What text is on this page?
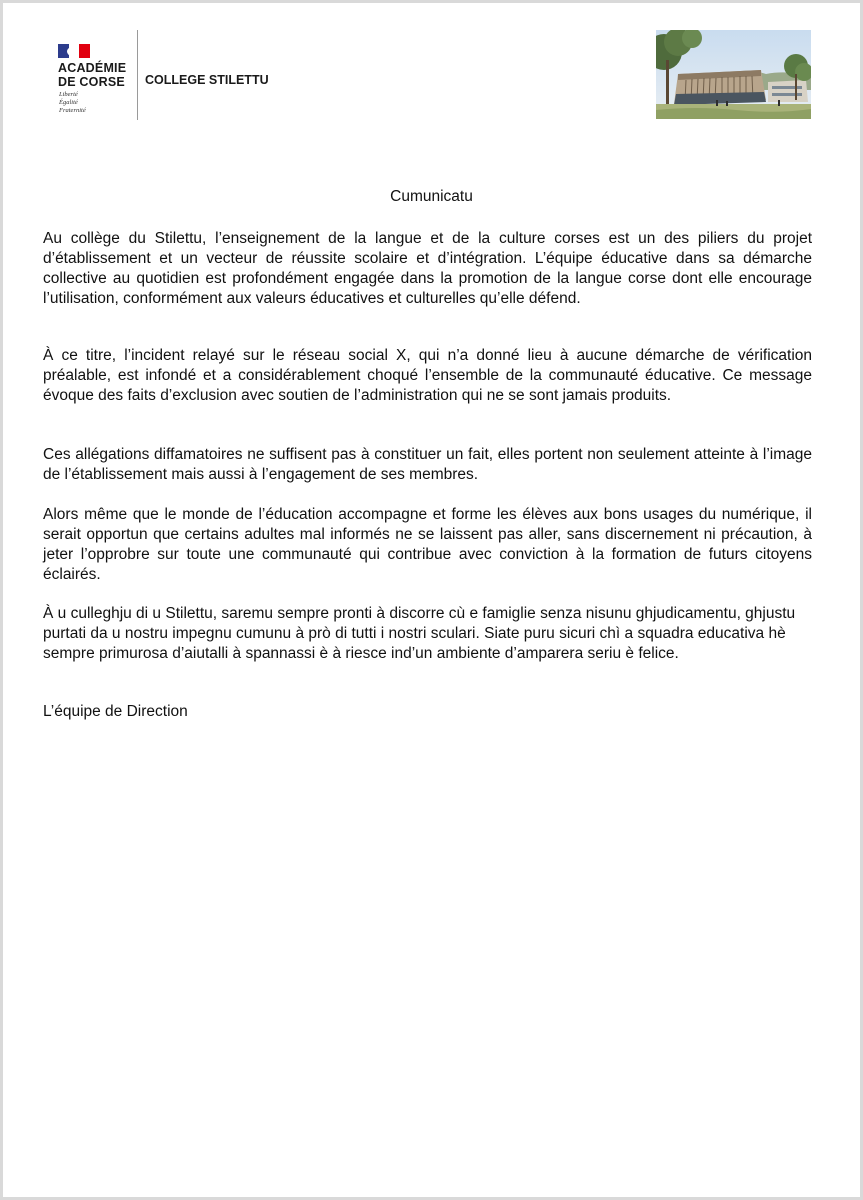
ACADÉMIE
DE CORSE
Liberté
Égalité
Fraternité
COLLEGE STILETTU
Cumunicatu

Au collège du Stilettu, l’enseignement de la langue et de la culture corses est un des piliers du projet d’établissement et un vecteur de réussite scolaire et d’intégration. L’équipe éducative dans sa démarche collective au quotidien est profondément engagée dans la promotion de la langue corse dont elle encourage l’utilisation, conformément aux valeurs éducatives et culturelles qu’elle défend.

À ce titre, l’incident relayé sur le réseau social X, qui n’a donné lieu à aucune démarche de vérification préalable, est infondé et a considérablement choqué l’ensemble de la communauté éducative. Ce message évoque des faits d’exclusion avec soutien de l’administration qui ne se sont jamais produits.

Ces allégations diffamatoires ne suffisent pas à constituer un fait, elles portent non seulement atteinte à l’image de l’établissement mais aussi à l’engagement de ses membres.

Alors même que le monde de l’éducation accompagne et forme les élèves aux bons usages du numérique, il serait opportun que certains adultes mal informés ne se laissent pas aller, sans discernement ni précaution, à jeter l’opprobre sur toute une communauté qui contribue avec conviction à la formation de futurs citoyens éclairés.

À u culleghju di u Stilettu, saremu sempre pronti à discorre cù e famiglie senza nisunu ghjudicamentu, ghjustu purtati da u nostru impegnu cumunu à prò di tutti i nostri sculari. Siate puru sicuri chì a squadra educativa hè sempre primurosa d’aiutalli à spannassi è à riesce ind’un ambiente d’amparera seriu è felice.

L’équipe de Direction
